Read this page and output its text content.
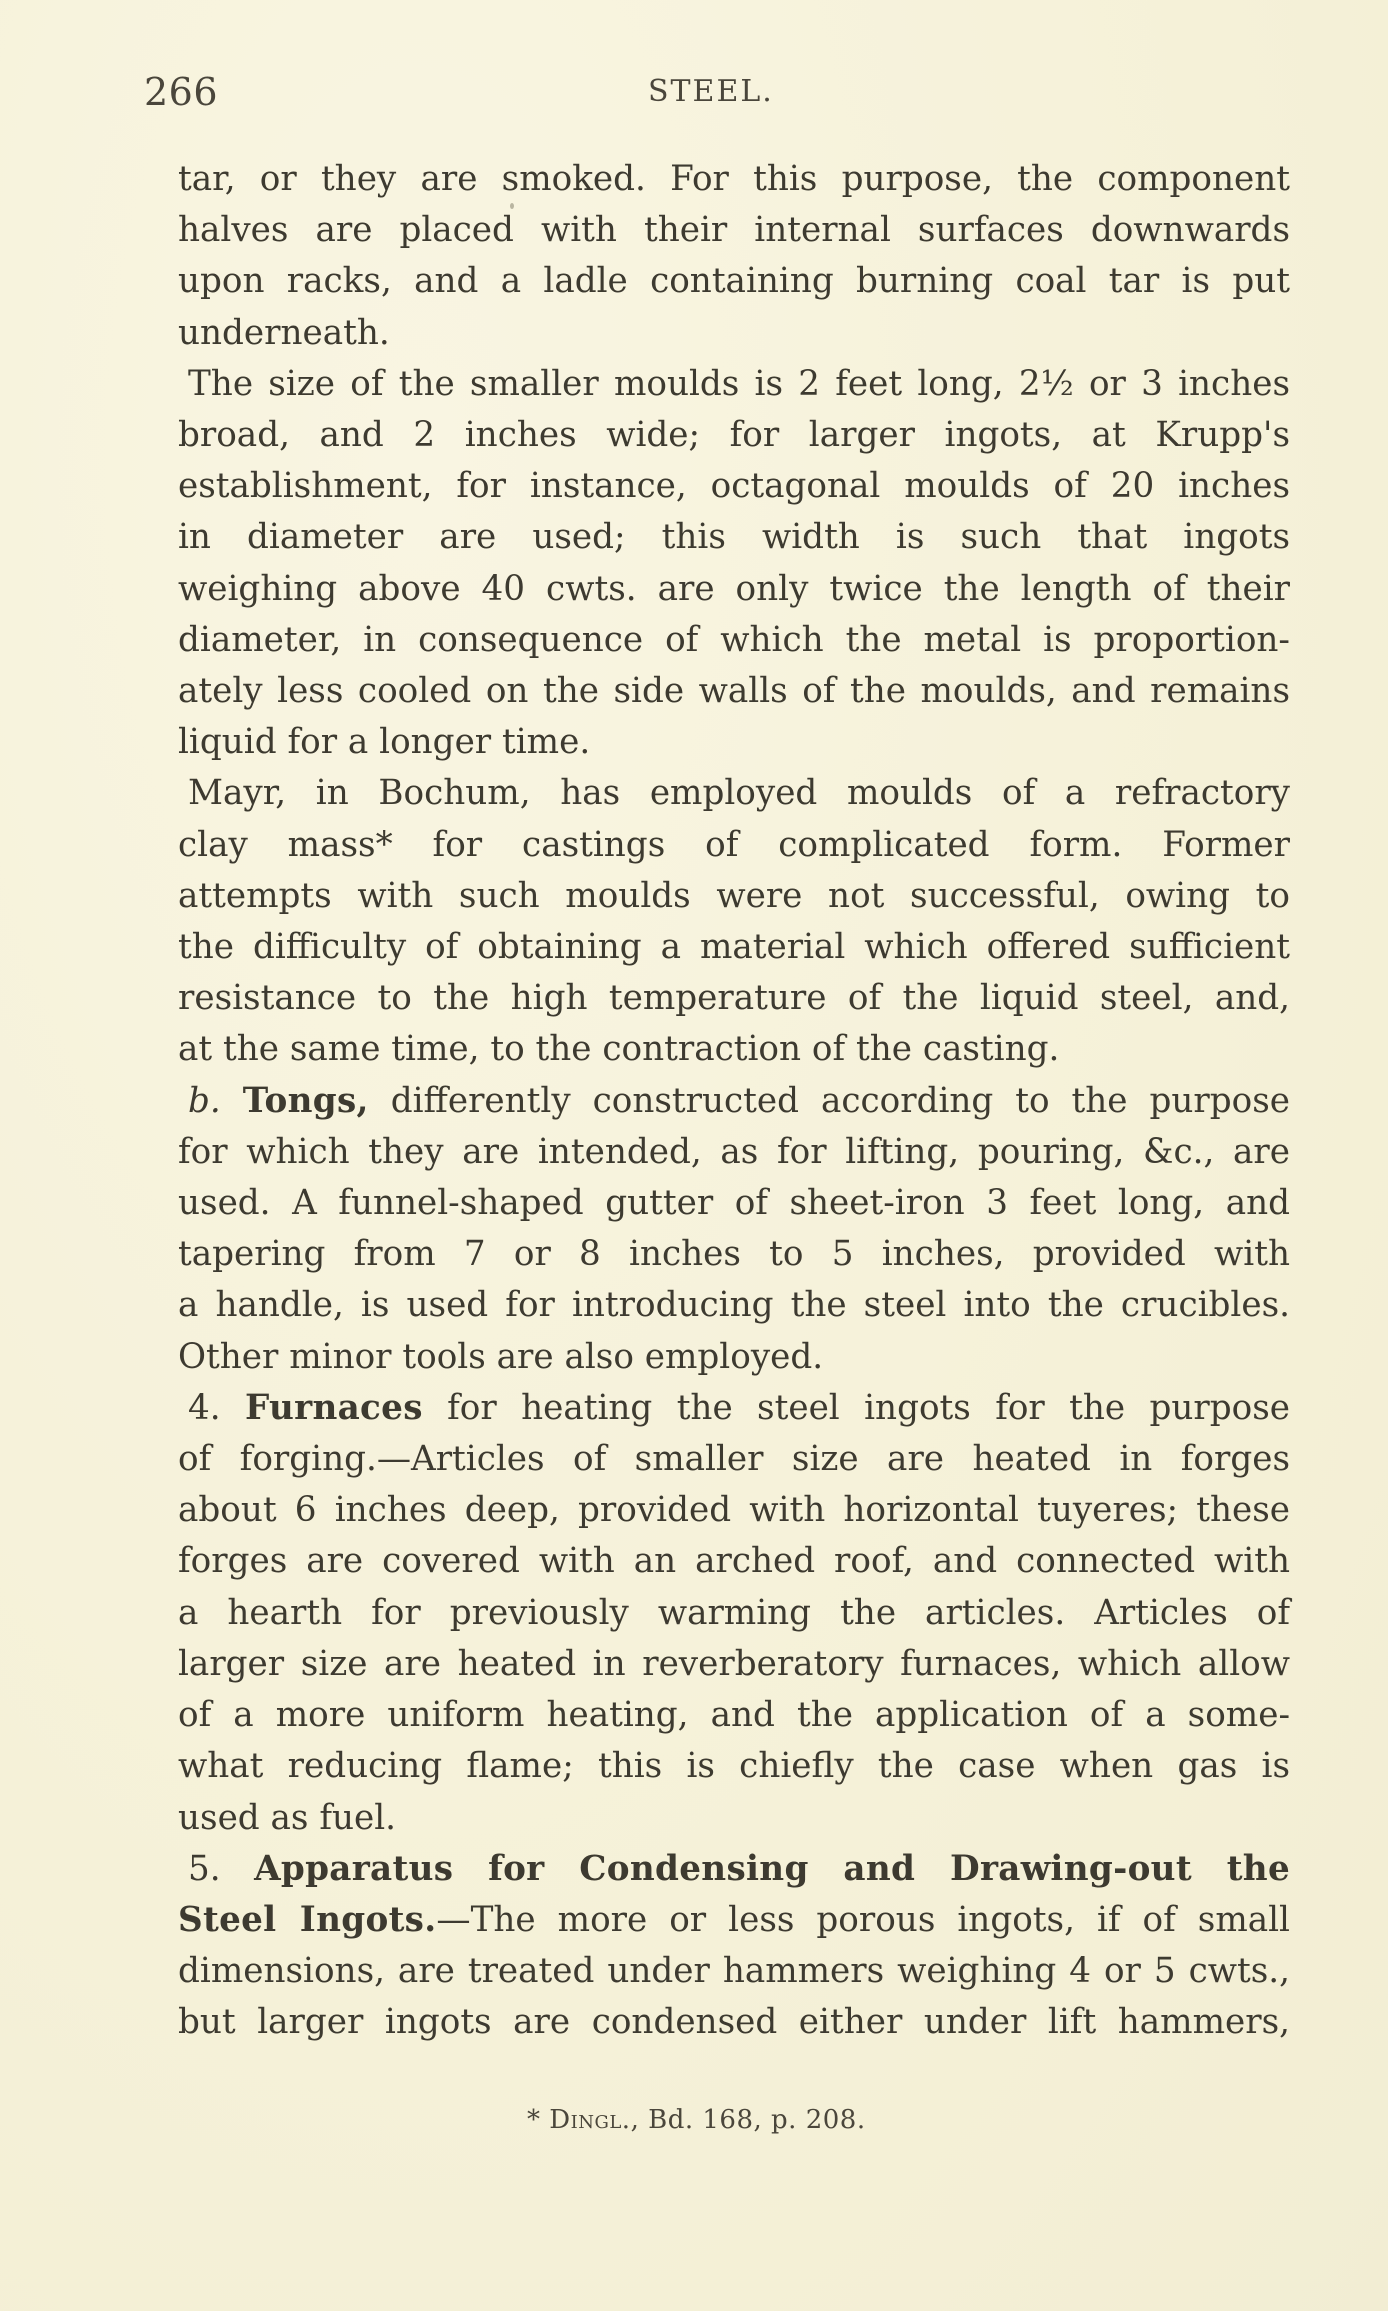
266	STEEL.
tar, or they are smoked. For this purpose, the component
halves are placed with their internal surfaces downwards
upon racks, and a ladle containing burning coal tar is put
underneath.
The size of the smaller moulds is 2 feet long, 2½ or 3 inches
broad, and 2 inches wide; for larger ingots, at Krupp's
establishment, for instance, octagonal moulds of 20 inches
in diameter are used; this width is such that ingots
weighing above 40 cwts. are only twice the length of their
diameter, in consequence of which the metal is proportion-
ately less cooled on the side walls of the moulds, and remains
liquid for a longer time.
Mayr, in Bochum, has employed moulds of a refractory
clay mass* for castings of complicated form. Former
attempts with such moulds were not successful, owing to
the difficulty of obtaining a material which offered sufficient
resistance to the high temperature of the liquid steel, and,
at the same time, to the contraction of the casting.
b. Tongs, differently constructed according to the purpose
for which they are intended, as for lifting, pouring, &c., are
used. A funnel-shaped gutter of sheet-iron 3 feet long, and
tapering from 7 or 8 inches to 5 inches, provided with
a handle, is used for introducing the steel into the crucibles.
Other minor tools are also employed.
4. Furnaces for heating the steel ingots for the purpose
of forging.—Articles of smaller size are heated in forges
about 6 inches deep, provided with horizontal tuyeres; these
forges are covered with an arched roof, and connected with
a hearth for previously warming the articles. Articles of
larger size are heated in reverberatory furnaces, which allow
of a more uniform heating, and the application of a some-
what reducing flame; this is chiefly the case when gas is
used as fuel.
5. Apparatus for Condensing and Drawing-out the
Steel Ingots.—The more or less porous ingots, if of small
dimensions, are treated under hammers weighing 4 or 5 cwts.,
but larger ingots are condensed either under lift hammers,
* Dingl., Bd. 168, p. 208.
